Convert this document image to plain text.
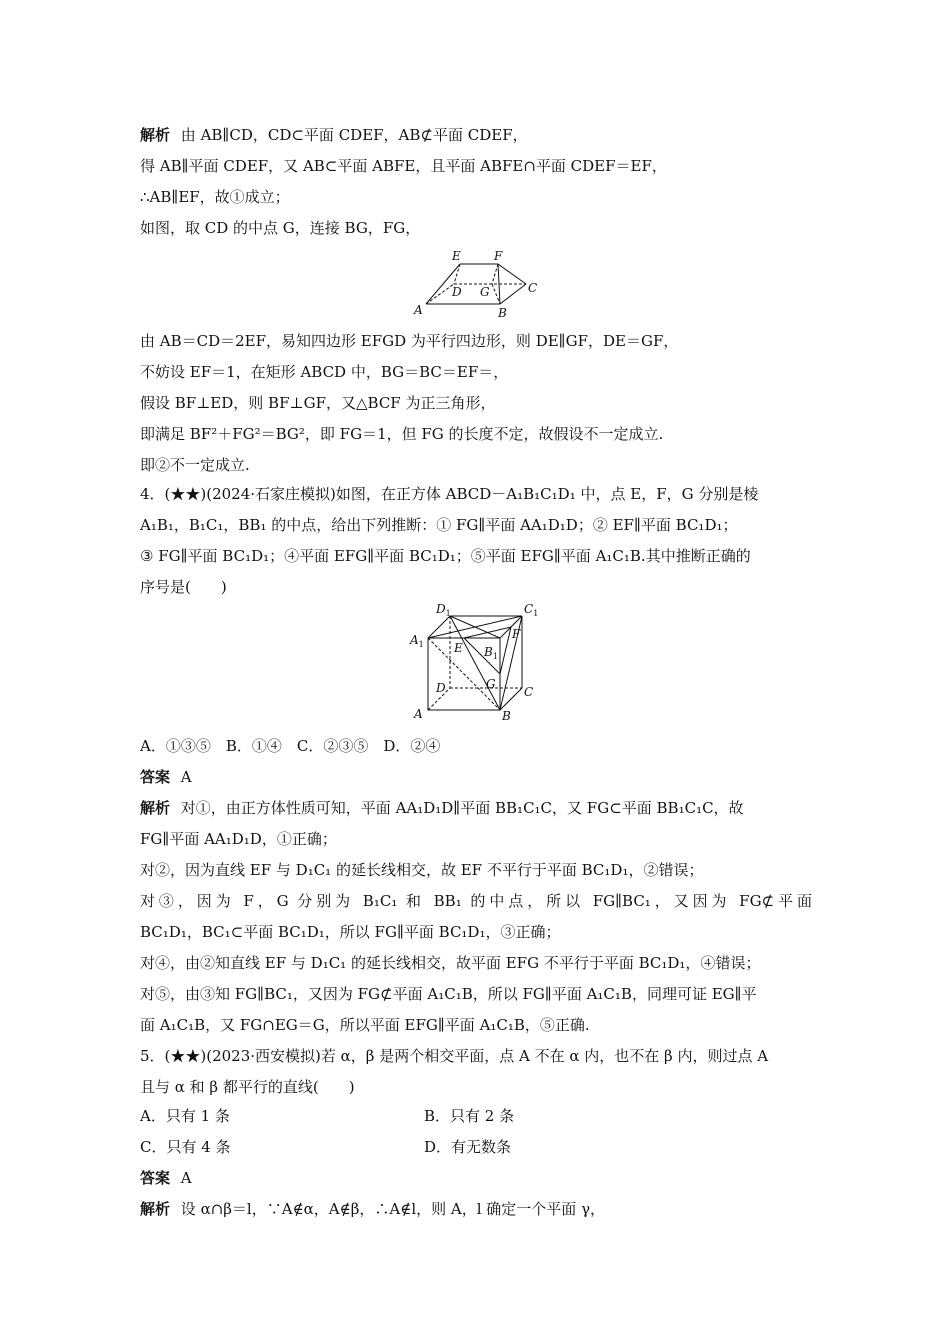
解析 由 AB∥CD，CD⊂平面 CDEF，AB⊄平面 CDEF，
得 AB∥平面 CDEF，又 AB⊂平面 ABFE，且平面 ABFE∩平面 CDEF＝EF，
∴AB∥EF，故①成立；
如图，取 CD 的中点 G，连接 BG，FG，
E	F
A
D G	C
B
由 AB＝CD＝2EF，易知四边形 EFGD 为平行四边形，则 DE∥GF，DE＝GF，
不妨设 EF＝1，在矩形 ABCD 中，BG＝BC＝EF＝，
假设 BF⊥ED，则 BF⊥GF，又△BCF 为正三角形，
即满足 BF²＋FG²＝BG²，即 FG＝1，但 FG 的长度不定，故假设不一定成立.
即②不一定成立.
4．(★★)(2024·石家庄模拟)如图，在正方体 ABCD－A₁B₁C₁D₁ 中，点 E，F，G 分别是棱
A₁B₁，B₁C₁，BB₁ 的中点，给出下列推断：① FG∥平面 AA₁D₁D；② EF∥平面 BC₁D₁；
③ FG∥平面 BC₁D₁；④平面 EFG∥平面 BC₁D₁；⑤平面 EFG∥平面 A₁C₁B.其中推断正确的
序号是(　　)
$D_1$	$C_1$
$A_1$	E
F
$B_1$
D	G
C
A	B
A．①③⑤　B．①④　C．②③⑤　D．②④
答案 A
解析 对①，由正方体性质可知，平面 AA₁D₁D∥平面 BB₁C₁C，又 FG⊂平面 BB₁C₁C，故
FG∥平面 AA₁D₁D，①正确；
对②，因为直线 EF 与 D₁C₁ 的延长线相交，故 EF 不平行于平面 BC₁D₁，②错误；
对③，因为 F，G 分别为 B₁C₁ 和 BB₁ 的中点，所以 FG∥BC₁，又因为 FG⊄平面
BC₁D₁，BC₁⊂平面 BC₁D₁，所以 FG∥平面 BC₁D₁，③正确；
对④，由②知直线 EF 与 D₁C₁ 的延长线相交，故平面 EFG 不平行于平面 BC₁D₁，④错误；
对⑤，由③知 FG∥BC₁，又因为 FG⊄平面 A₁C₁B，所以 FG∥平面 A₁C₁B，同理可证 EG∥平
面 A₁C₁B，又 FG∩EG＝G，所以平面 EFG∥平面 A₁C₁B，⑤正确.
5．(★★)(2023·西安模拟)若 α，β 是两个相交平面，点 A 不在 α 内，也不在 β 内，则过点 A
且与 α 和 β 都平行的直线(　　)
A．只有 1 条	B．只有 2 条
C．只有 4 条	D．有无数条
答案 A
解析 设 α∩β＝l，∵A∉α，A∉β，∴A∉l，则 A，l 确定一个平面 γ，
